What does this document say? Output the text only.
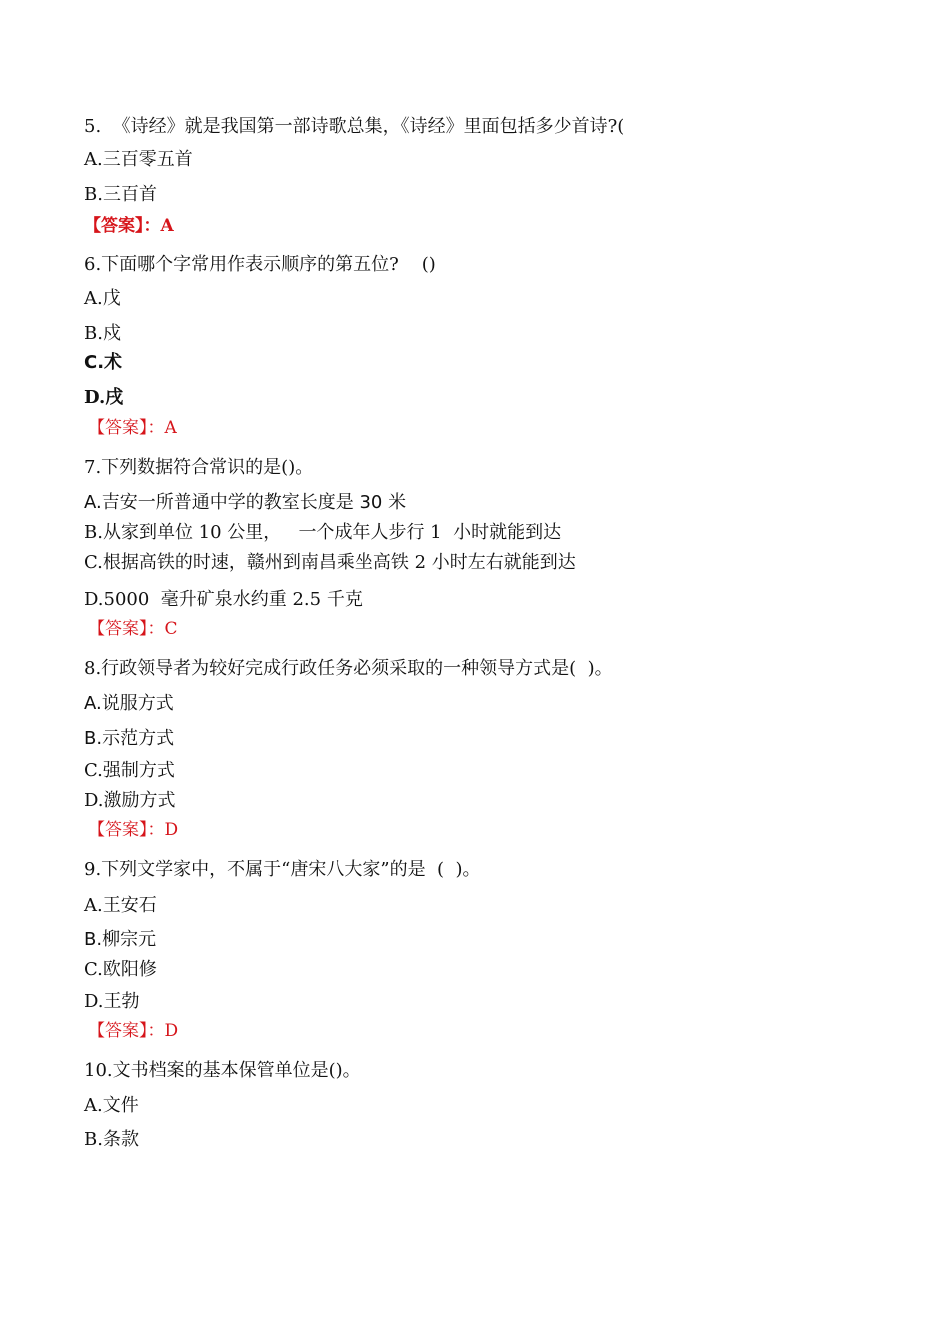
5.  《诗经》就是我国第一部诗歌总集，《诗经》里面包括多少首诗?(
A.三百零五首
B.三百首
【答案】：A
6.下面哪个字常用作表示顺序的第五位?    ()
A.戊
B.戍
C.术
D.戌
【答案】：A
7.下列数据符合常识的是()。
A.吉安一所普通中学的教室长度是 30 米
B.从家到单位 10 公里，   一个成年人步行 1  小时就能到达
C.根据高铁的时速，赣州到南昌乘坐高铁 2 小时左右就能到达
D.5000  毫升矿泉水约重 2.5 千克
【答案】：C
8.行政领导者为较好完成行政任务必须采取的一种领导方式是(  )。
A.说服方式
B.示范方式
C.强制方式
D.激励方式
【答案】：D
9.下列文学家中，不属于“唐宋八大家”的是  (  )。
A.王安石
B.柳宗元
C.欧阳修
D.王勃
【答案】：D
10.文书档案的基本保管单位是()。
A.文件
B.条款
